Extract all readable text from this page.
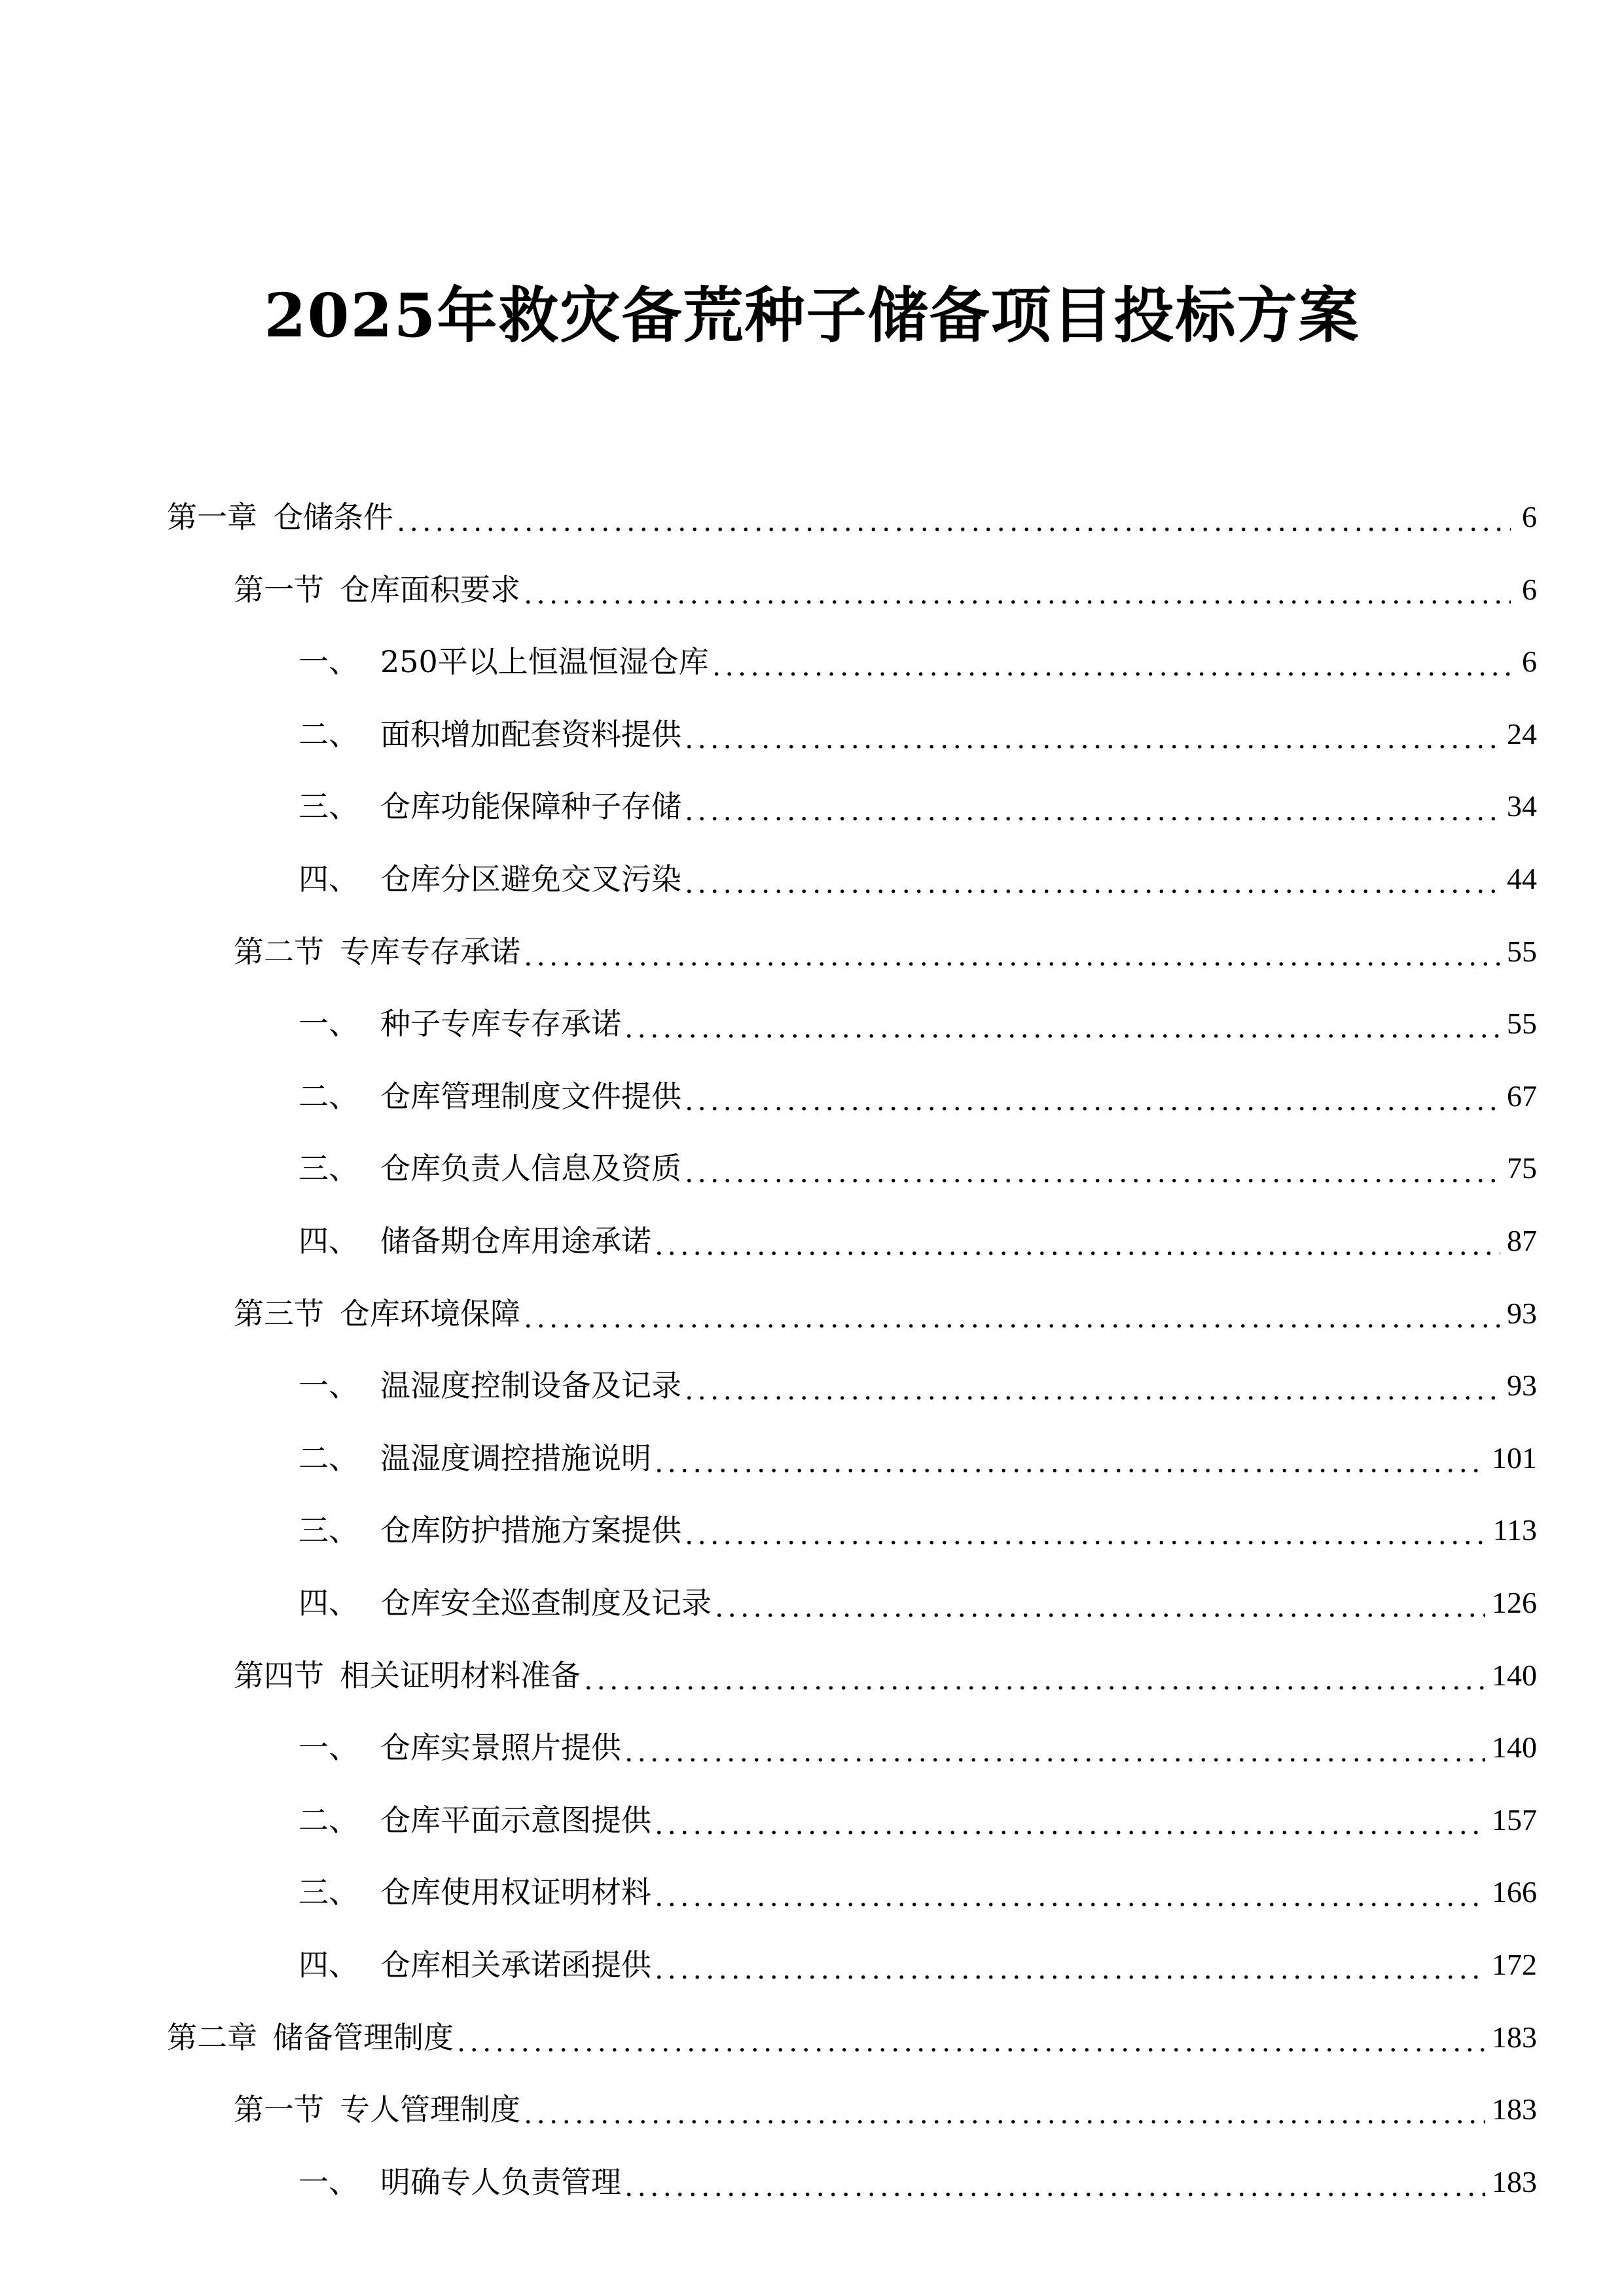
2025年救灾备荒种子储备项目投标方案
第一章 仓储条件 .....	6
第一节 仓库面积要求 .....	6
一、 250平以上恒温恒湿仓库 .....	6
二、 面积增加配套资料提供 .....	24
三、 仓库功能保障种子存储 .....	34
四、 仓库分区避免交叉污染 .....	44
第二节 专库专存承诺 .....	55
一、 种子专库专存承诺 .....	55
二、 仓库管理制度文件提供 .....	67
三、 仓库负责人信息及资质 .....	75
四、 储备期仓库用途承诺 .....	87
第三节 仓库环境保障 .....	93
一、 温湿度控制设备及记录 .....	93
二、 温湿度调控措施说明 .....	101
三、 仓库防护措施方案提供 .....	113
四、 仓库安全巡查制度及记录 .....	126
第四节 相关证明材料准备 .....	140
一、 仓库实景照片提供 .....	140
二、 仓库平面示意图提供 .....	157
三、 仓库使用权证明材料 .....	166
四、 仓库相关承诺函提供 .....	172
第二章 储备管理制度 .....	183
第一节 专人管理制度 .....	183
一、 明确专人负责管理 .....	183
